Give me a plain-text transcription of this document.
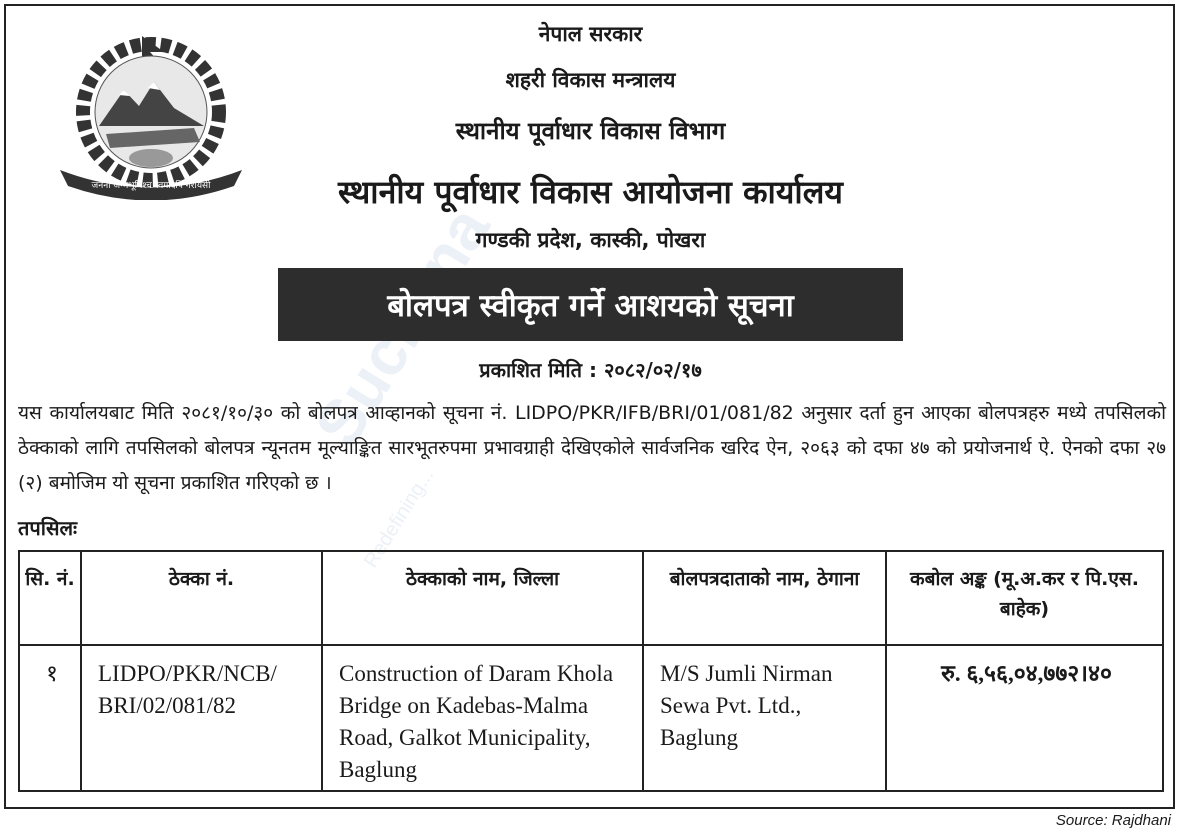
Redefining...
जननी जन्मभूमिश्च स्वर्गादपि गरीयसी
नेपाल सरकार
शहरी विकास मन्त्रालय
स्थानीय पूर्वाधार विकास विभाग
स्थानीय पूर्वाधार विकास आयोजना कार्यालय
गण्डकी प्रदेश, कास्की, पोखरा
बोलपत्र स्वीकृत गर्ने आशयको सूचना
प्रकाशित मिति : २०८२/०२/१७
यस कार्यालयबाट मिति २०८१/१०/३० को बोलपत्र आव्हानको सूचना नं. LIDPO/PKR/IFB/BRI/01/081/82 अनुसार दर्ता हुन आएका बोलपत्रहरु मध्ये तपसिलको ठेक्काको लागि तपसिलको बोलपत्र न्यूनतम मूल्याङ्कित सारभूतरुपमा प्रभावग्राही देखिएकोले सार्वजनिक खरिद ऐन, २०६३ को दफा ४७ को प्रयोजनार्थ ऐ. ऐनको दफा २७ (२) बमोजिम यो सूचना प्रकाशित गरिएको छ ।
तपसिलः
सि. नं.	ठेक्का नं.	ठेक्काको नाम, जिल्ला	बोलपत्रदाताको नाम, ठेगाना	कबोल अङ्क (मू.अ.कर र पि.एस. बाहेक)
१	LIDPO/PKR/NCB/ BRI/02/081/82	Construction of Daram Khola Bridge on Kadebas-Malma Road, Galkot Municipality, Baglung	M/S Jumli Nirman Sewa Pvt. Ltd., Baglung	रु. ६,५६,०४,७७२।४०
Source: Rajdhani
